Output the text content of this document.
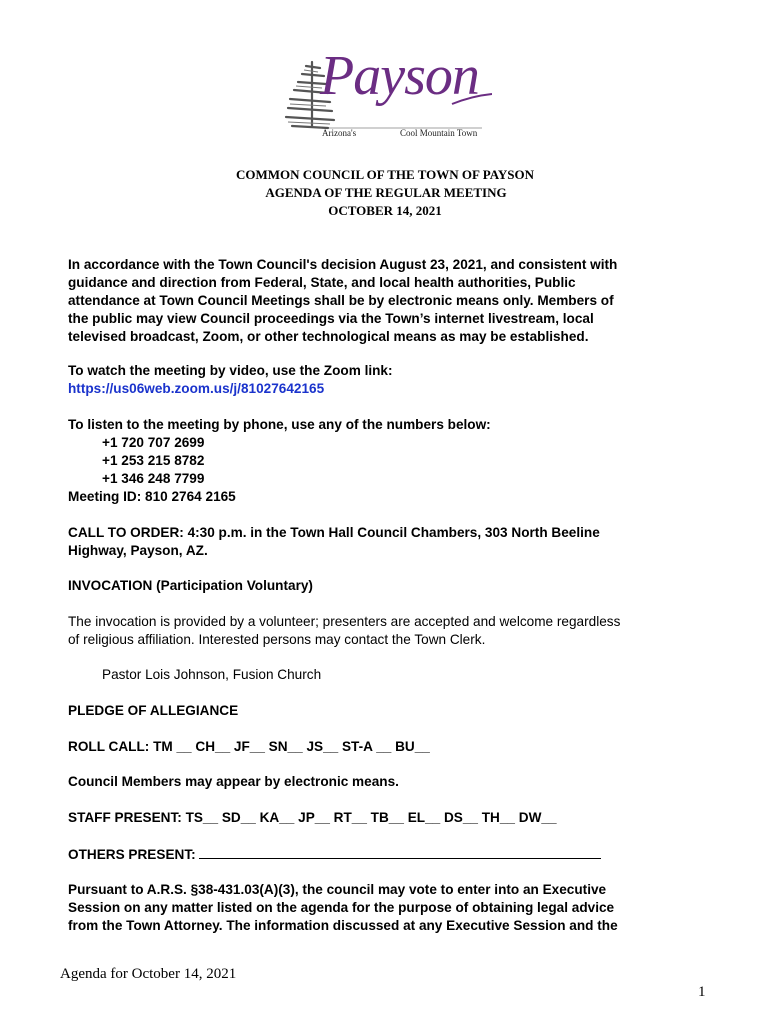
Payson
Arizona's	Cool Mountain Town
COMMON COUNCIL OF THE TOWN OF PAYSON
AGENDA OF THE REGULAR MEETING
OCTOBER 14, 2021
In accordance with the Town Council's decision August 23, 2021, and consistent with
guidance and direction from Federal, State, and local health authorities, Public
attendance at Town Council Meetings shall be by electronic means only. Members of
the public may view Council proceedings via the Town’s internet livestream, local
televised broadcast, Zoom, or other technological means as may be established.
To watch the meeting by video, use the Zoom link:
https://us06web.zoom.us/j/81027642165
To listen to the meeting by phone, use any of the numbers below:
+1 720 707 2699
+1 253 215 8782
+1 346 248 7799
Meeting ID: 810 2764 2165
CALL TO ORDER: 4:30 p.m. in the Town Hall Council Chambers, 303 North Beeline
Highway, Payson, AZ.
INVOCATION (Participation Voluntary)
The invocation is provided by a volunteer; presenters are accepted and welcome regardless
of religious affiliation. Interested persons may contact the Town Clerk.
Pastor Lois Johnson, Fusion Church
PLEDGE OF ALLEGIANCE
ROLL CALL: TM __ CH__ JF__ SN__ JS__ ST-A __ BU__
Council Members may appear by electronic means.
STAFF PRESENT: TS__ SD__ KA__ JP__ RT__ TB__ EL__ DS__ TH__ DW__
OTHERS PRESENT:
Pursuant to A.R.S. §38-431.03(A)(3), the council may vote to enter into an Executive
Session on any matter listed on the agenda for the purpose of obtaining legal advice
from the Town Attorney. The information discussed at any Executive Session and the
Agenda for October 14, 2021
1
